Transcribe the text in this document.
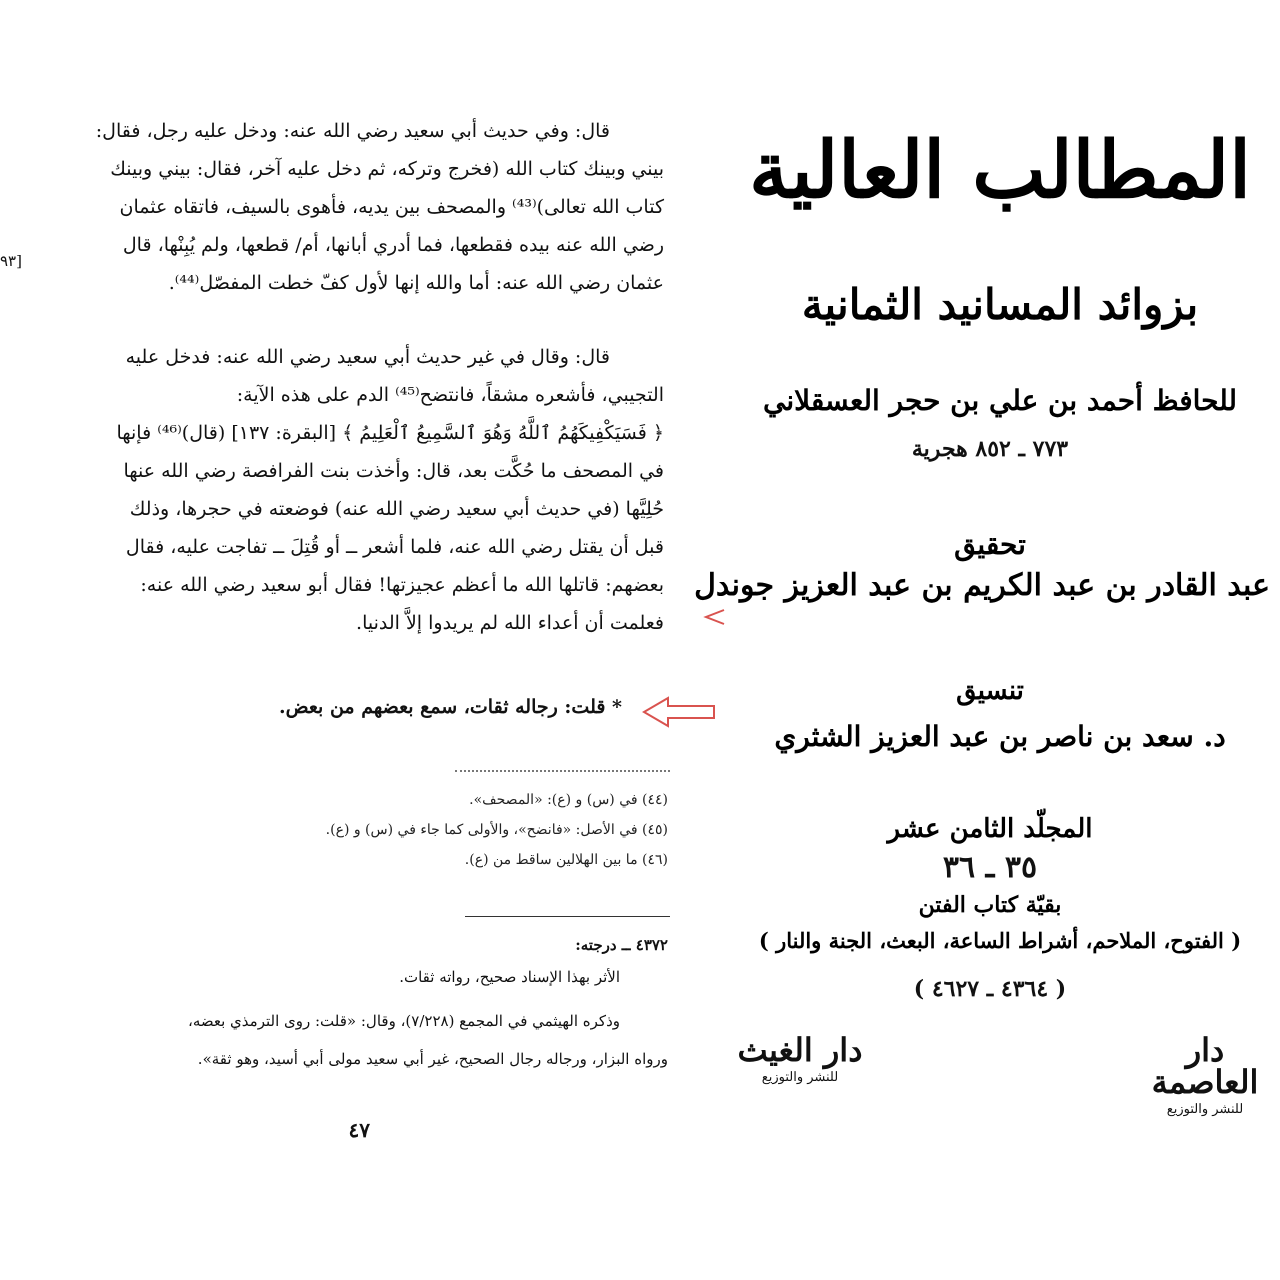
قال: وفي حديث أبي سعيد رضي الله عنه: ودخل عليه رجل، فقال:
بيني وبينك كتاب الله (فخرج وتركه، ثم دخل عليه آخر، فقال: بيني وبينك
كتاب الله تعالى)⁽⁴³⁾ والمصحف بين يديه، فأهوى بالسيف، فاتقاه عثمان
رضي الله عنه بيده فقطعها، فما أدري أبانها، أم/ قطعها، ولم يُبِنْها، قال
عثمان رضي الله عنه: أما والله إنها لأول كفّ خطت المفصّل⁽⁴⁴⁾.
[٩٣
قال: وقال في غير حديث أبي سعيد رضي الله عنه: فدخل عليه
التجيبي، فأشعره مشقاً، فانتضح⁽⁴⁵⁾ الدم على هذه الآية:
﴿ فَسَيَكْفِيكَهُمُ ٱللَّهُ وَهُوَ ٱلسَّمِيعُ ٱلْعَلِيمُ ﴾ [البقرة: ١٣٧] (قال)⁽⁴⁶⁾ فإنها
في المصحف ما حُكَّت بعد، قال: وأخذت بنت الفرافصة رضي الله عنها
حُلِيَّها (في حديث أبي سعيد رضي الله عنه) فوضعته في حجرها، وذلك
قبل أن يقتل رضي الله عنه، فلما أشعر ــ أو قُتِلَ ــ تفاجت عليه، فقال
بعضهم: قاتلها الله ما أعظم عجيزتها! فقال أبو سعيد رضي الله عنه:
فعلمت أن أعداء الله لم يريدوا إلاَّ الدنيا.
* قلت: رجاله ثقات، سمع بعضهم من بعض.
(٤٤) في (س) و (ع): «المصحف».
(٤٥) في الأصل: «فانضح»، والأولى كما جاء في (س) و (ع).
(٤٦) ما بين الهلالين ساقط من (ع).
٤٣٧٢ ــ درجته:
الأثر بهذا الإسناد صحيح، رواته ثقات.
وذكره الهيثمي في المجمع (٧/٢٢٨)، وقال: «قلت: روى الترمذي بعضه،
ورواه البزار، ورجاله رجال الصحيح، غير أبي سعيد مولى أبي أسيد، وهو ثقة».
٤٧
المطالب العالية
بزوائد المسانيد الثمانية
للحافظ أحمد بن علي بن حجر العسقلاني
٧٧٣ ـ ٨٥٢ هجرية
تحقيق
عبد القادر بن عبد الكريم بن عبد العزيز جوندل
تنسيق
د. سعد بن ناصر بن عبد العزيز الشثري
المجلّد الثامن عشر
٣٥ ـ ٣٦
بقيّة كتاب الفتن
( الفتوح، الملاحم، أشراط الساعة، البعث، الجنة والنار )
( ٤٣٦٤ ـ ٤٦٢٧ )
دار العاصمة
للنشر والتوزيع
دار الغيث
للنشر والتوزيع
